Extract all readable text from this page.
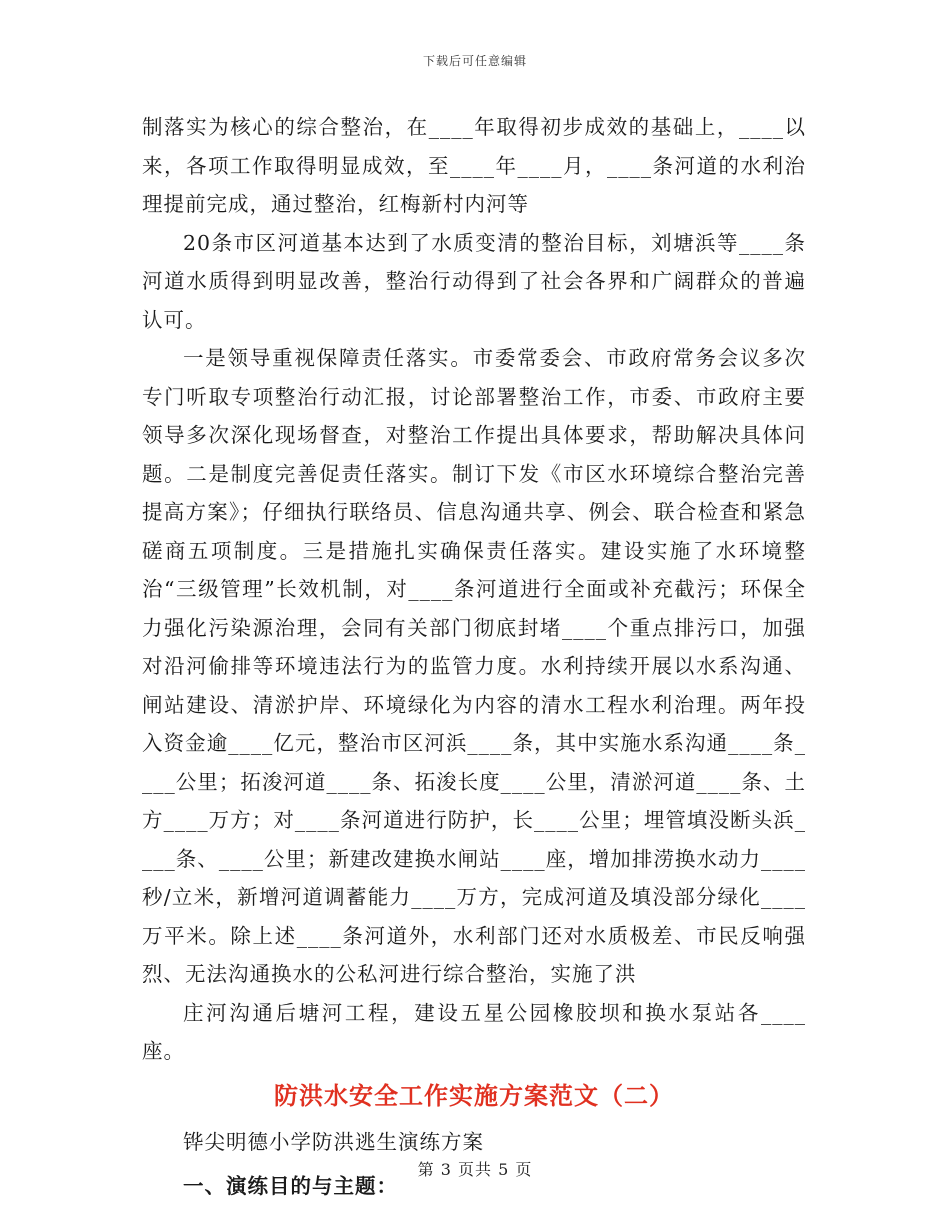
下载后可任意编辑

制落实为核心的综合整治，在____年取得初步成效的基础上，____以来，各项工作取得明显成效，至____年____月，____条河道的水利治理提前完成，通过整治，红梅新村内河等

20条市区河道基本达到了水质变清的整治目标，刘塘浜等____条河道水质得到明显改善，整治行动得到了社会各界和广阔群众的普遍认可。

一是领导重视保障责任落实。市委常委会、市政府常务会议多次专门听取专项整治行动汇报，讨论部署整治工作，市委、市政府主要领导多次深化现场督查，对整治工作提出具体要求，帮助解决具体问题。二是制度完善促责任落实。制订下发《市区水环境综合整治完善提高方案》；仔细执行联络员、信息沟通共享、例会、联合检查和紧急磋商五项制度。三是措施扎实确保责任落实。建设实施了水环境整治“三级管理”长效机制，对____条河道进行全面或补充截污；环保全力强化污染源治理，会同有关部门彻底封堵____个重点排污口，加强对沿河偷排等环境违法行为的监管力度。水利持续开展以水系沟通、闸站建设、清淤护岸、环境绿化为内容的清水工程水利治理。两年投入资金逾____亿元，整治市区河浜____条，其中实施水系沟通____条____公里；拓浚河道____条、拓浚长度____公里，清淤河道____条、土方____万方；对____条河道进行防护，长____公里；埋管填没断头浜____条、____公里；新建改建换水闸站____座，增加排涝换水动力____秒/立米，新增河道调蓄能力____万方，完成河道及填没部分绿化____万平米。除上述____条河道外，水利部门还对水质极差、市民反响强烈、无法沟通换水的公私河进行综合整治，实施了洪

庄河沟通后塘河工程，建设五星公园橡胶坝和换水泵站各____座。

防洪水安全工作实施方案范文（二）

铧尖明德小学防洪逃生演练方案

一、演练目的与主题：

第 3 页共 5 页
